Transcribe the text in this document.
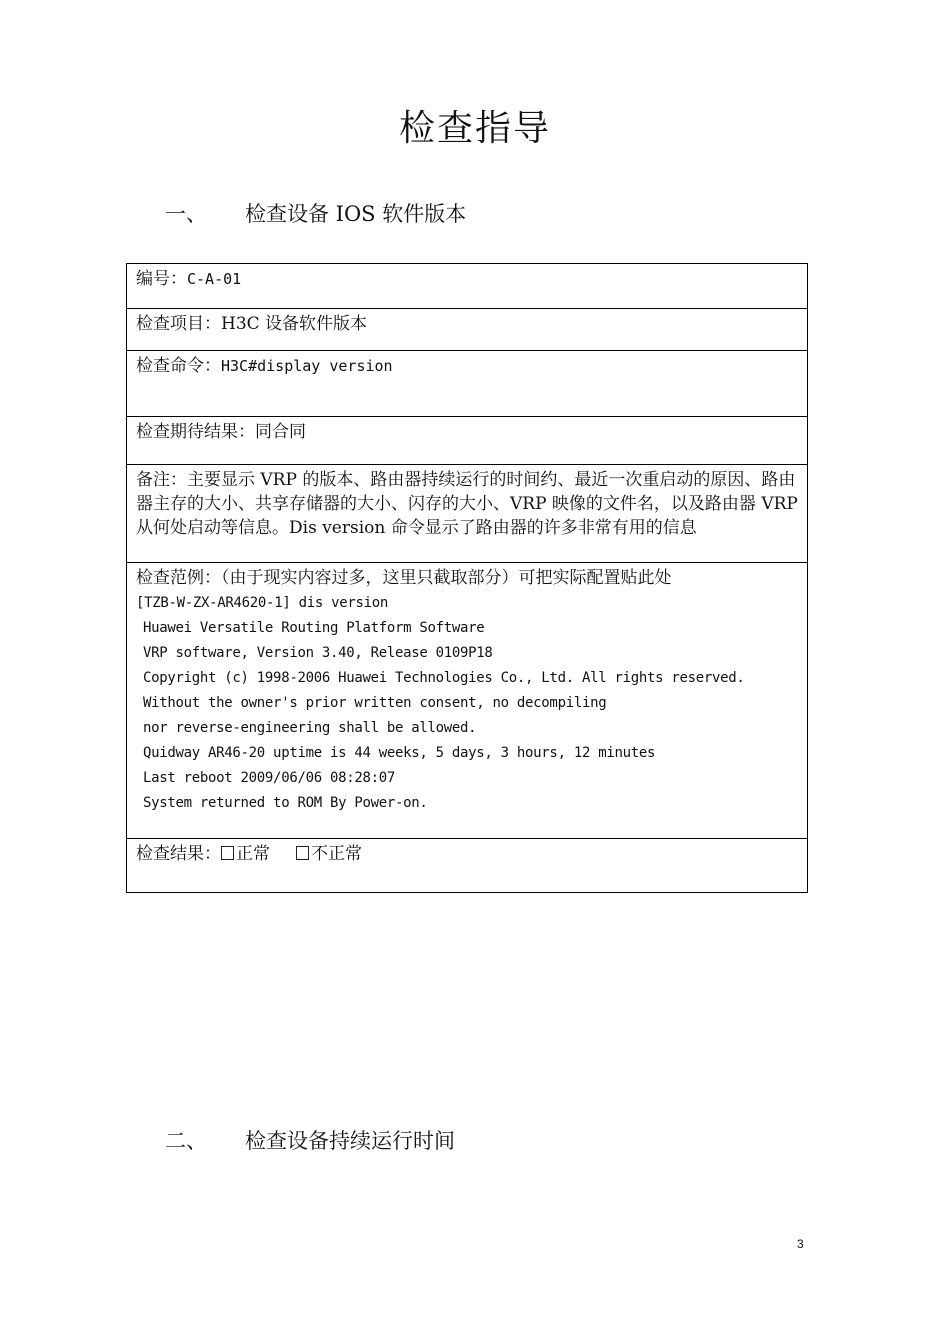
检查指导
一、	检查设备 IOS 软件版本
编号：C-A-01
检查项目：H3C 设备软件版本
检查命令：H3C#display version
检查期待结果：同合同
备注：主要显示 VRP 的版本、路由器持续运行的时间约、最近一次重启动的原因、路由器主存的大小、共享存储器的大小、闪存的大小、VRP 映像的文件名，以及路由器 VRP 从何处启动等信息。Dis version 命令显示了路由器的许多非常有用的信息

检查范例：（由于现实内容过多，这里只截取部分）可把实际配置贴此处
[TZB-W-ZX-AR4620-1] dis version
Huawei Versatile Routing Platform Software
VRP software, Version 3.40, Release 0109P18
Copyright (c) 1998-2006 Huawei Technologies Co., Ltd. All rights reserved.
Without the owner's prior written consent, no decompiling
nor reverse-engineering shall be allowed.
Quidway AR46-20 uptime is 44 weeks, 5 days, 3 hours, 12 minutes
Last reboot 2009/06/06 08:28:07
System returned to ROM By Power-on.

检查结果： 正常 不正常
二、	检查设备持续运行时间
3
